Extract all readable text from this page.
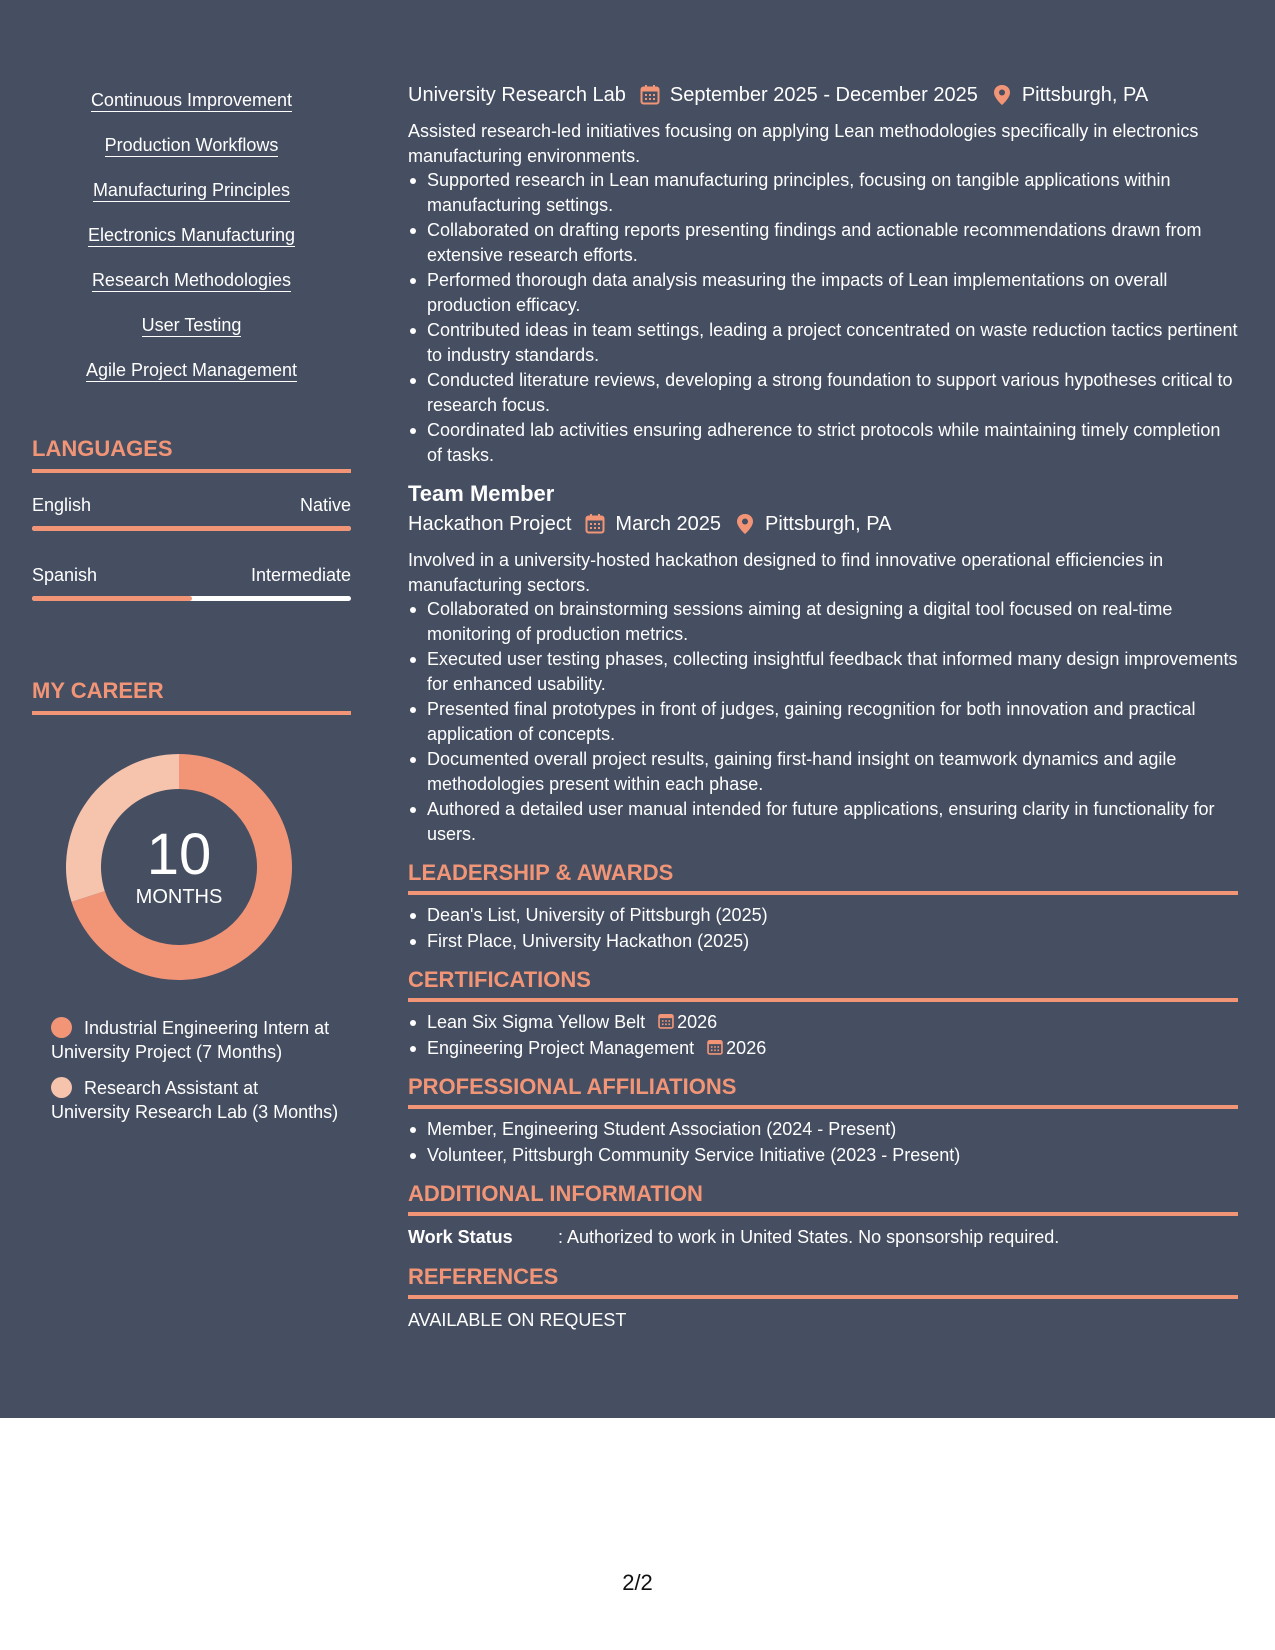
Continuous Improvement
Production Workflows
Manufacturing Principles
Electronics Manufacturing
Research Methodologies
User Testing
Agile Project Management
LANGUAGES
English	Native
Spanish	Intermediate
MY CAREER
10
MONTHS
Industrial Engineering Intern at University Project (7 Months)
Research Assistant at University Research Lab (3 Months)
University Research Lab September 2025 - December 2025 Pittsburgh, PA

Assisted research-led initiatives focusing on applying Lean methodologies specifically in electronics manufacturing environments.

Supported research in Lean manufacturing principles, focusing on tangible applications within manufacturing settings.
Collaborated on drafting reports presenting findings and actionable recommendations drawn from extensive research efforts.
Performed thorough data analysis measuring the impacts of Lean implementations on overall production efficacy.
Contributed ideas in team settings, leading a project concentrated on waste reduction tactics pertinent to industry standards.
Conducted literature reviews, developing a strong foundation to support various hypotheses critical to research focus.
Coordinated lab activities ensuring adherence to strict protocols while maintaining timely completion of tasks.
Team Member
Hackathon Project March 2025 Pittsburgh, PA

Involved in a university-hosted hackathon designed to find innovative operational efficiencies in manufacturing sectors.

Collaborated on brainstorming sessions aiming at designing a digital tool focused on real-time monitoring of production metrics.
Executed user testing phases, collecting insightful feedback that informed many design improvements for enhanced usability.
Presented final prototypes in front of judges, gaining recognition for both innovation and practical application of concepts.
Documented overall project results, gaining first-hand insight on teamwork dynamics and agile methodologies present within each phase.
Authored a detailed user manual intended for future applications, ensuring clarity in functionality for users.
LEADERSHIP & AWARDS
Dean's List, University of Pittsburgh (2025)
First Place, University Hackathon (2025)
CERTIFICATIONS
Lean Six Sigma Yellow Belt 2026
Engineering Project Management 2026
PROFESSIONAL AFFILIATIONS
Member, Engineering Student Association (2024 - Present)
Volunteer, Pittsburgh Community Service Initiative (2023 - Present)
ADDITIONAL INFORMATION
Work Status	: Authorized to work in United States. No sponsorship required.
REFERENCES
AVAILABLE ON REQUEST
2/2
